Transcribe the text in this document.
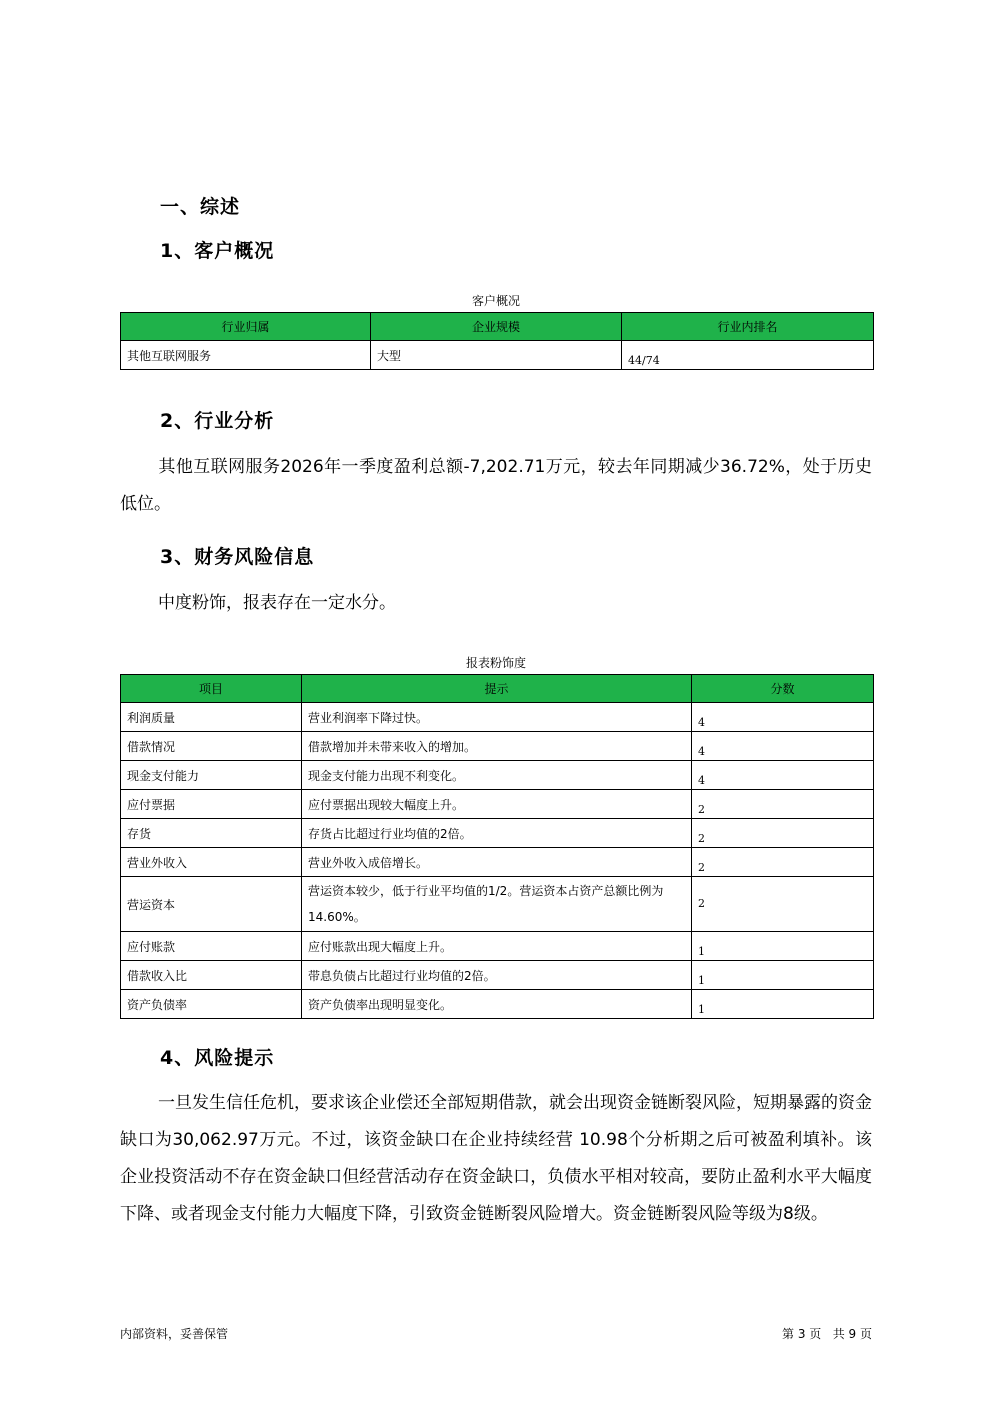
一、综述
1、客户概况
客户概况
行业归属	企业规模	行业内排名
其他互联网服务	大型	44/74
2、行业分析
其他互联网服务2026年一季度盈利总额-7,202.71万元，较去年同期减少36.72%，处于历史低位。
3、财务风险信息
中度粉饰，报表存在一定水分。
报表粉饰度
项目	提示	分数
利润质量	营业利润率下降过快。	4
借款情况	借款增加并未带来收入的增加。	4
现金支付能力	现金支付能力出现不利变化。	4
应付票据	应付票据出现较大幅度上升。	2
存货	存货占比超过行业均值的2倍。	2
营业外收入	营业外收入成倍增长。	2
营运资本	营运资本较少，低于行业平均值的1/2。营运资本占资产总额比例为14.60%。	2
应付账款	应付账款出现大幅度上升。	1
借款收入比	带息负债占比超过行业均值的2倍。	1
资产负债率	资产负债率出现明显变化。	1
4、风险提示
一旦发生信任危机，要求该企业偿还全部短期借款，就会出现资金链断裂风险，短期暴露的资金缺口为30,062.97万元。不过，该资金缺口在企业持续经营 10.98个分析期之后可被盈利填补。该企业投资活动不存在资金缺口但经营活动存在资金缺口，负债水平相对较高，要防止盈利水平大幅度下降、或者现金支付能力大幅度下降，引致资金链断裂风险增大。资金链断裂风险等级为8级。
内部资料，妥善保管	第 3 页   共 9 页
